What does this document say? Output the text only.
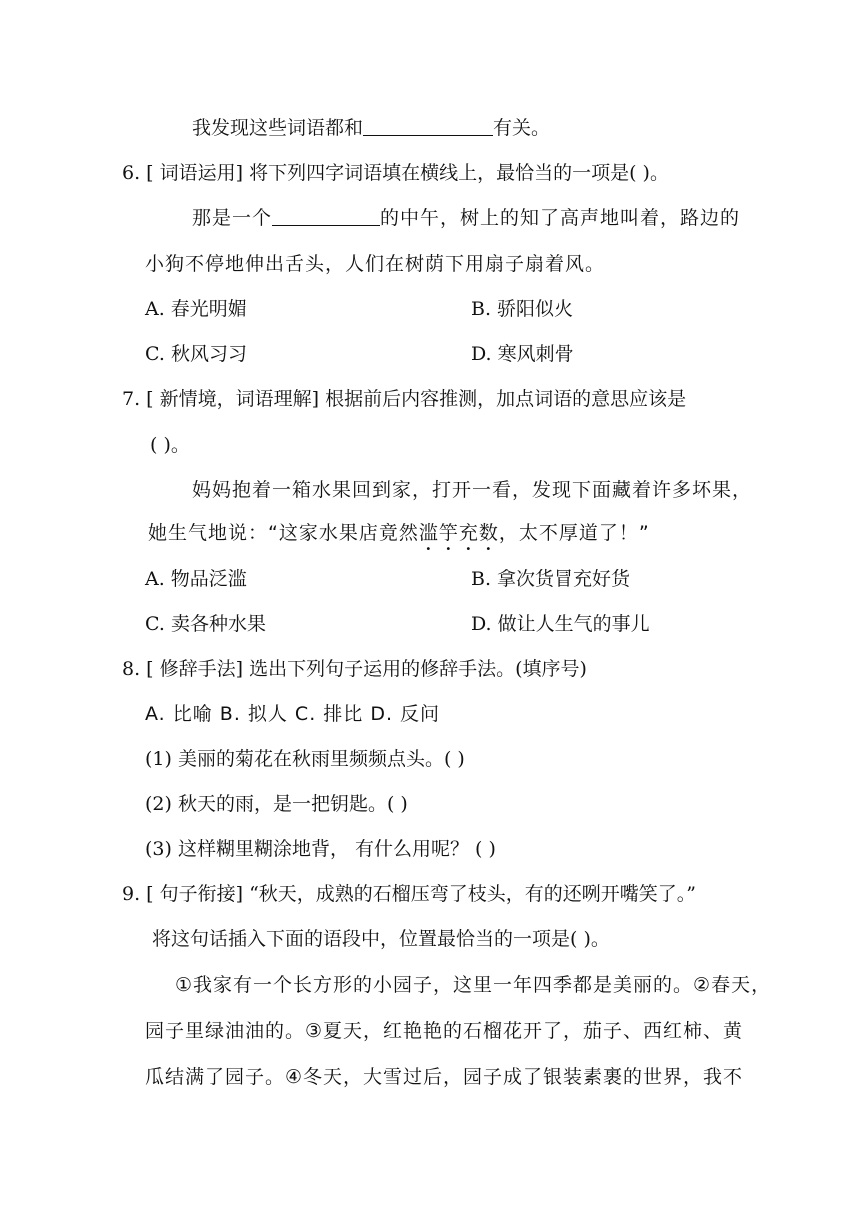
我发现这些词语都和	有关。
6. [ 词语运用] 将下列四字词语填在横线上，最恰当的一项是( )。
那是一个	的中午，树上的知了高声地叫着，路边的
小狗不停地伸出舌头，人们在树荫下用扇子扇着风。
A. 春光明媚	B. 骄阳似火
C. 秋风习习	D. 寒风刺骨
7. [ 新情境，词语理解] 根据前后内容推测，加点词语的意思应该是
( )。
妈妈抱着一箱水果回到家，打开一看，发现下面藏着许多坏果，
她生气地说：“这家水果店竟然滥竽充数，太不厚道了！”
A. 物品泛滥	B. 拿次货冒充好货
C. 卖各种水果	D. 做让人生气的事儿
8. [ 修辞手法] 选出下列句子运用的修辞手法。(填序号)
A. 比喻 B. 拟人 C. 排比 D. 反问
(1) 美丽的菊花在秋雨里频频点头。( )
(2) 秋天的雨，是一把钥匙。( )
(3) 这样糊里糊涂地背， 有什么用呢？ ( )
9. [ 句子衔接] “秋天，成熟的石榴压弯了枝头，有的还咧开嘴笑了。”
将这句话插入下面的语段中，位置最恰当的一项是( )。
①我家有一个长方形的小园子，这里一年四季都是美丽的。②春天，
园子里绿油油的。③夏天，红艳艳的石榴花开了，茄子、西红柿、黄
瓜结满了园子。④冬天，大雪过后，园子成了银装素裹的世界，我不
